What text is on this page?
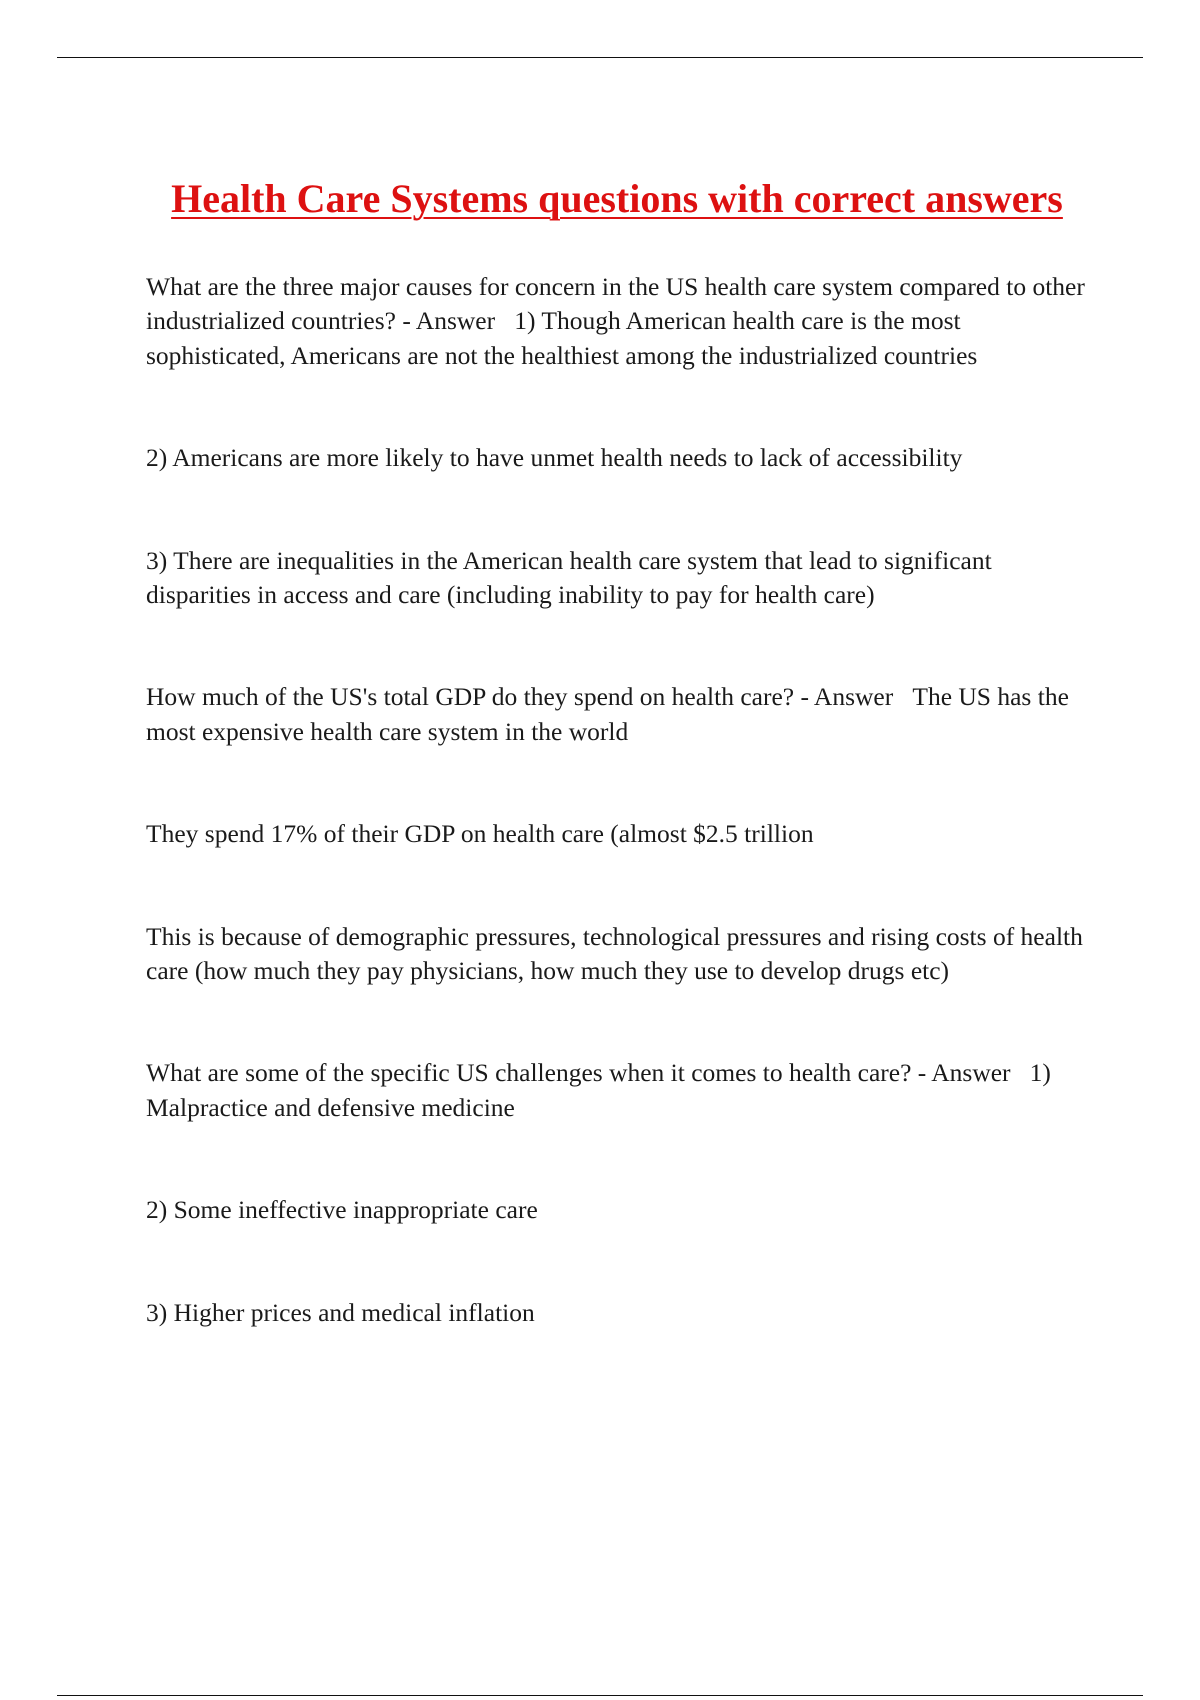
Health Care Systems questions with correct answers

What are the three major causes for concern in the US health care system compared to other industrialized countries? - Answer   1) Though American health care is the most sophisticated, Americans are not the healthiest among the industrialized countries

2) Americans are more likely to have unmet health needs to lack of accessibility

3) There are inequalities in the American health care system that lead to significant disparities in access and care (including inability to pay for health care)

How much of the US's total GDP do they spend on health care? - Answer   The US has the most expensive health care system in the world

They spend 17% of their GDP on health care (almost $2.5 trillion

This is because of demographic pressures, technological pressures and rising costs of health care (how much they pay physicians, how much they use to develop drugs etc)

What are some of the specific US challenges when it comes to health care? - Answer   1) Malpractice and defensive medicine

2) Some ineffective inappropriate care

3) Higher prices and medical inflation
